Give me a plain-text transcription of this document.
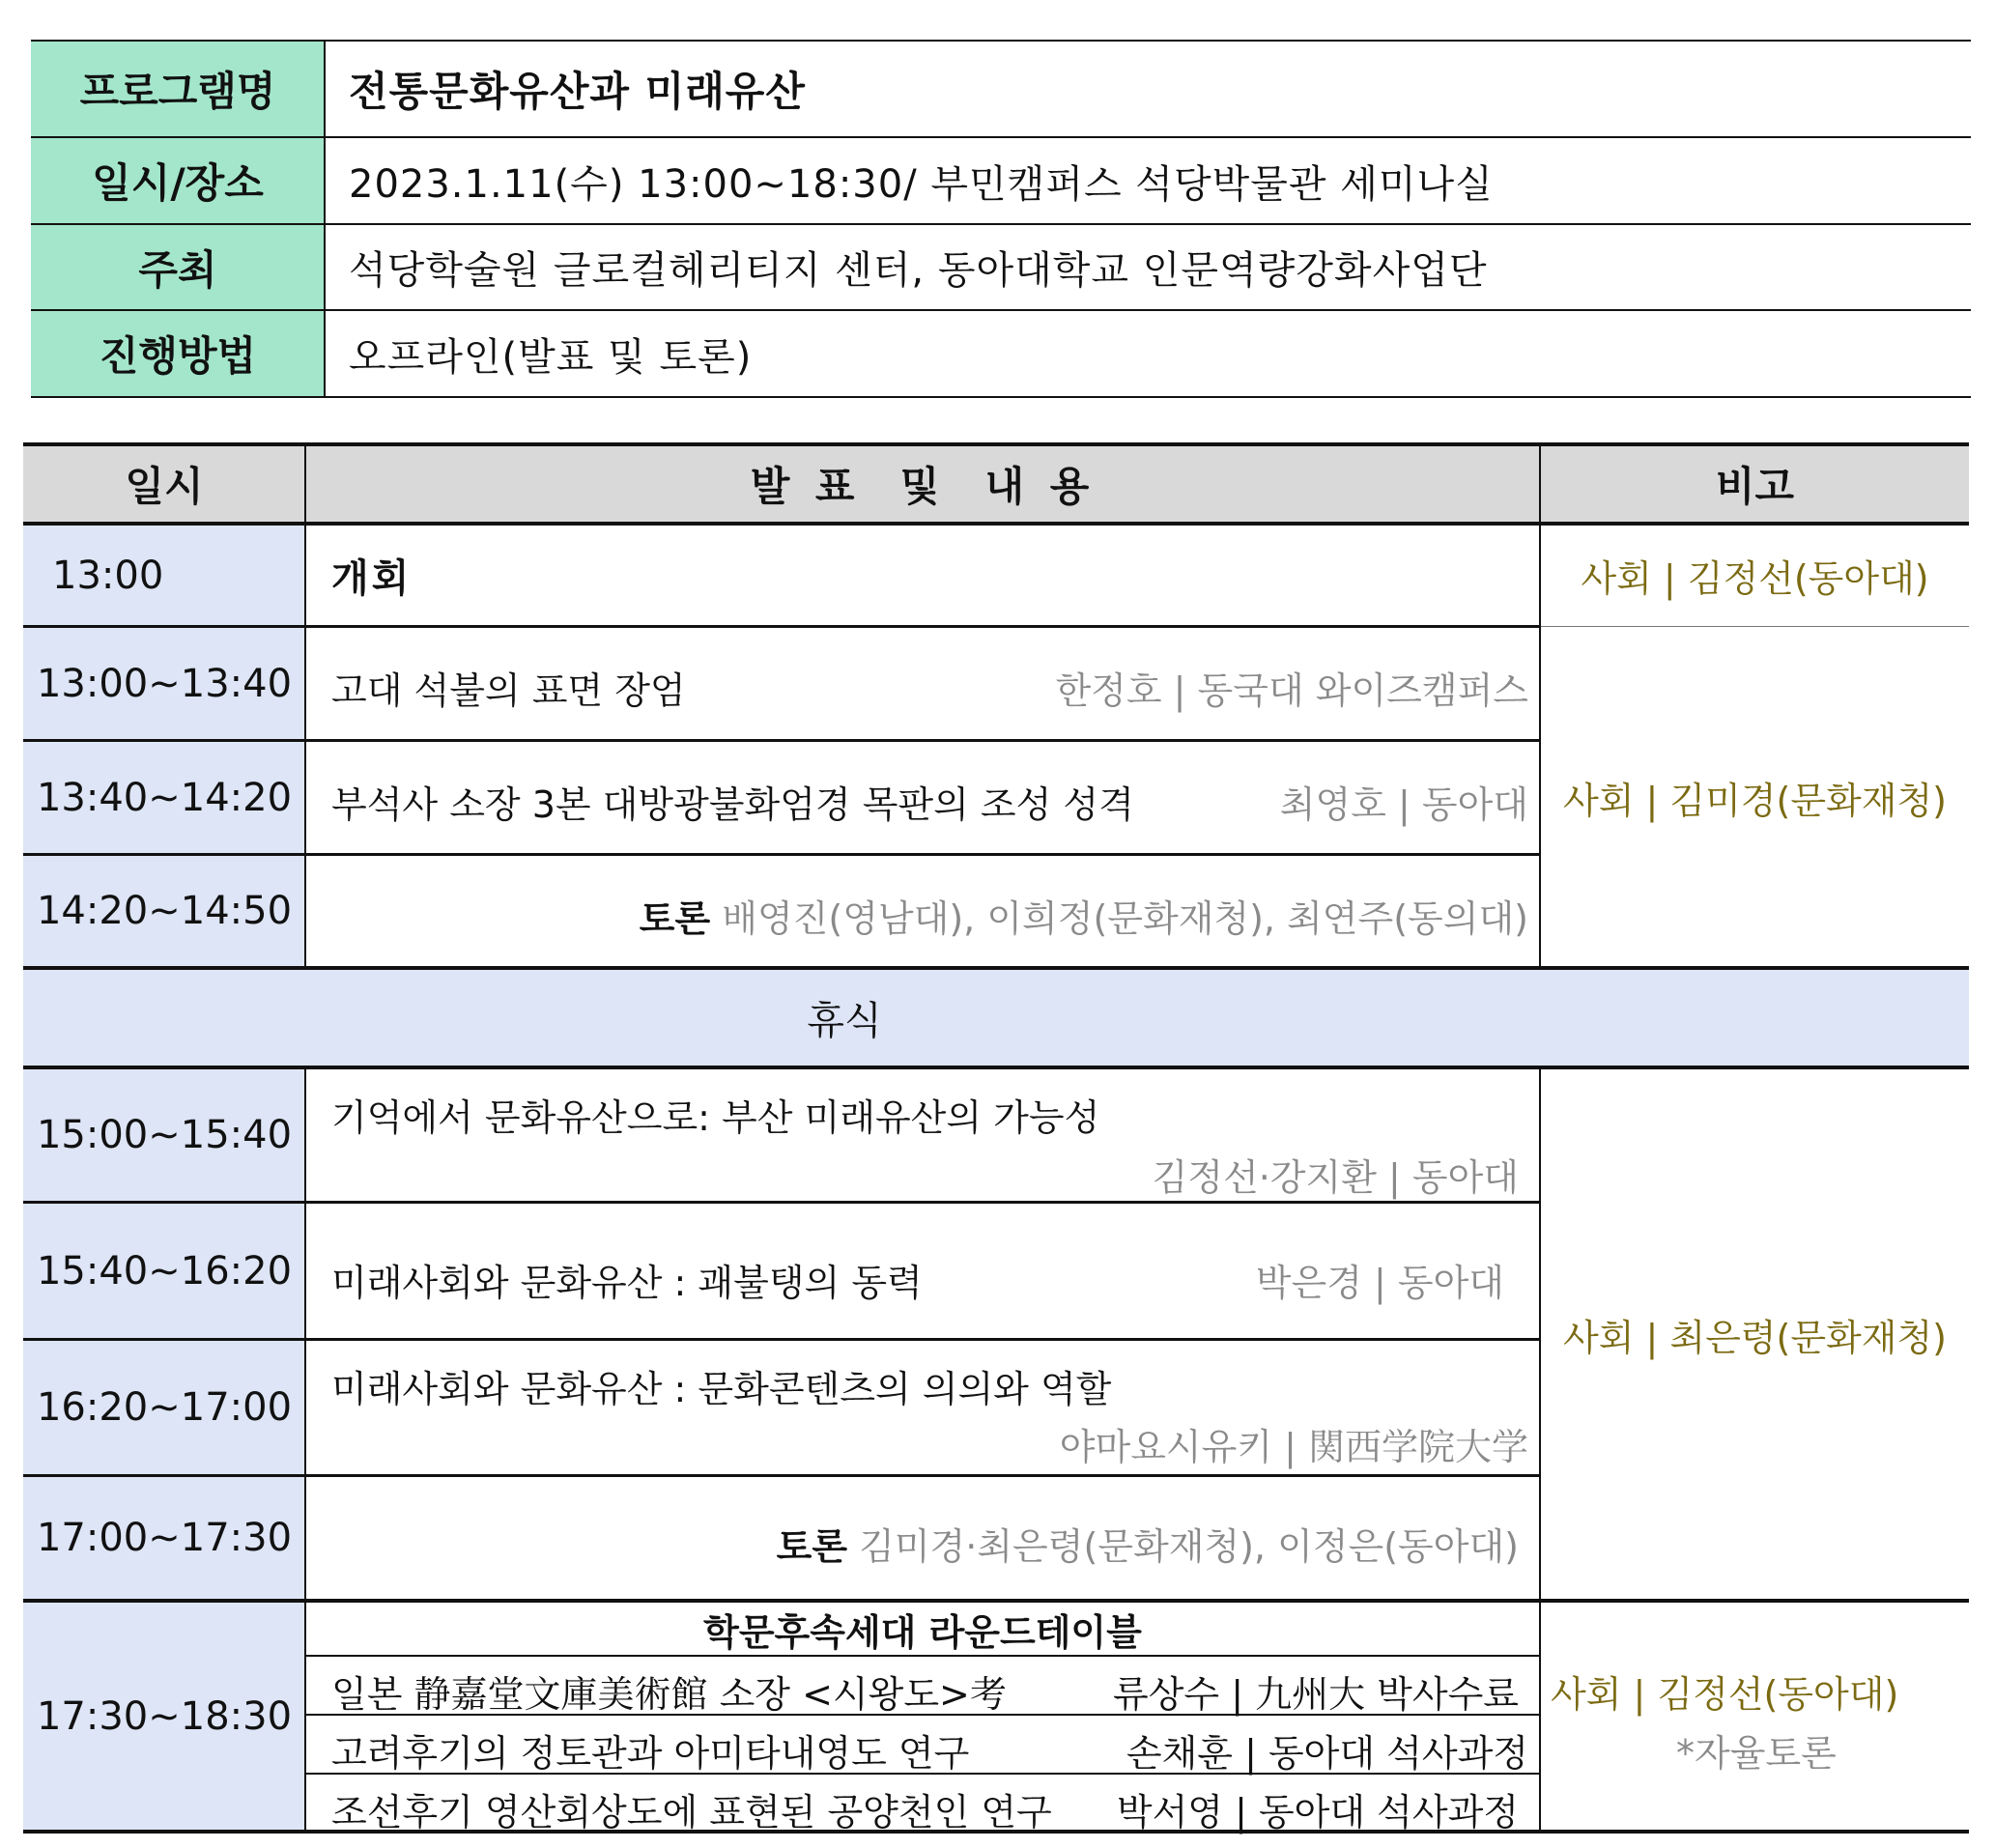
프로그램명	전통문화유산과 미래유산
일시/장소	2023.1.11(수) 13:00∼18:30/ 부민캠퍼스 석당박물관 세미나실
주최	석당학술원 글로컬헤리티지 센터, 동아대학교 인문역량강화사업단
진행방법	오프라인(발표 및 토론)
일시	발 표  및  내 용	비고
13:00	개회	사회 | 김정선(동아대)
13:00∼13:40	고대 석불의 표면 장엄	한정호 | 동국대 와이즈캠퍼스
13:40∼14:20	부석사 소장 3본 대방광불화엄경 목판의 조성 성격	최영호 | 동아대
14:20∼14:50	토론 배영진(영남대), 이희정(문화재청), 최연주(동의대)
사회 | 김미경(문화재청)
휴식
15:00∼15:40	기억에서 문화유산으로: 부산 미래유산의 가능성
김정선·강지환 | 동아대
15:40∼16:20	미래사회와 문화유산 : 괘불탱의 동력	박은경 | 동아대
16:20∼17:00	미래사회와 문화유산 : 문화콘텐츠의 의의와 역할
야마요시유키 | 関西学院大学
17:00∼17:30	토론 김미경·최은령(문화재청), 이정은(동아대)
사회 | 최은령(문화재청)
17:30∼18:30
학문후속세대 라운드테이블
일본 静嘉堂文庫美術館 소장 <시왕도>考	류상수 | 九州大 박사수료
고려후기의 정토관과 아미타내영도 연구	손채훈 | 동아대 석사과정
조선후기 영산회상도에 표현된 공양천인 연구 박서영 | 동아대 석사과정
사회 | 김정선(동아대)
*자율토론
